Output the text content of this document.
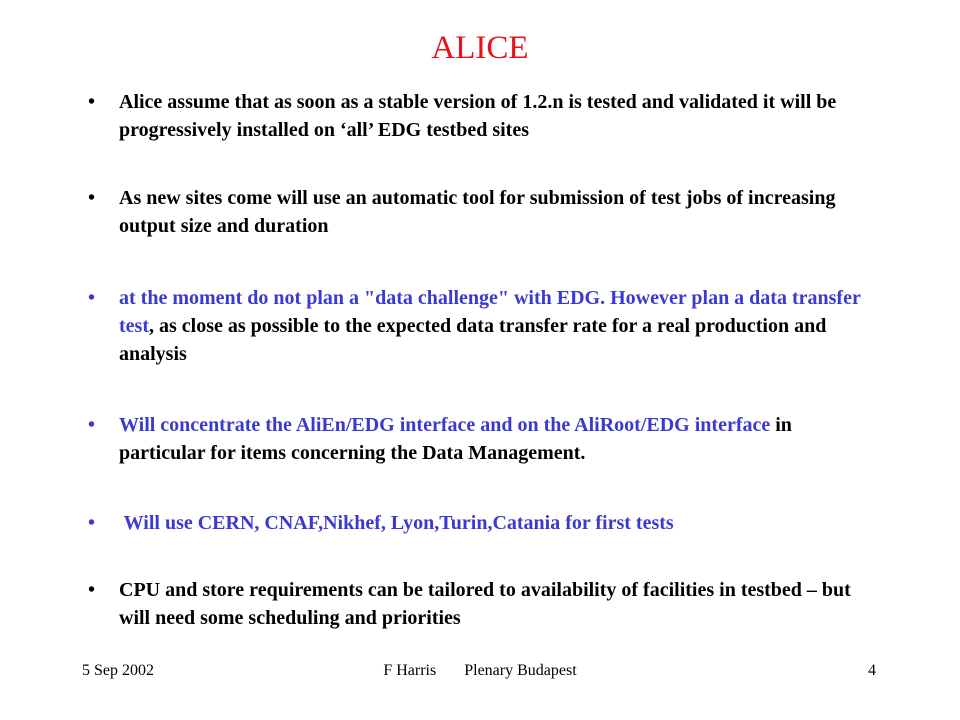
ALICE
•	Alice assume that as soon as a stable version of 1.2.n is tested and validated it will be progressively installed on ‘all’ EDG testbed sites
•	As new sites come will use an automatic tool for submission of test jobs of increasing output size and duration
•	at the moment do not plan a "data challenge" with EDG. However plan a data transfer test, as close as possible to the expected data transfer rate for a real production and analysis
•	Will concentrate the AliEn/EDG interface and on the AliRoot/EDG interface in particular for items concerning the Data Management.
•	Will use CERN, CNAF,Nikhef, Lyon,Turin,Catania for first tests
•	CPU and store requirements can be tailored to availability of facilities in testbed – but will need some scheduling and priorities
5 Sep 2002	F Harris       Plenary Budapest	4
